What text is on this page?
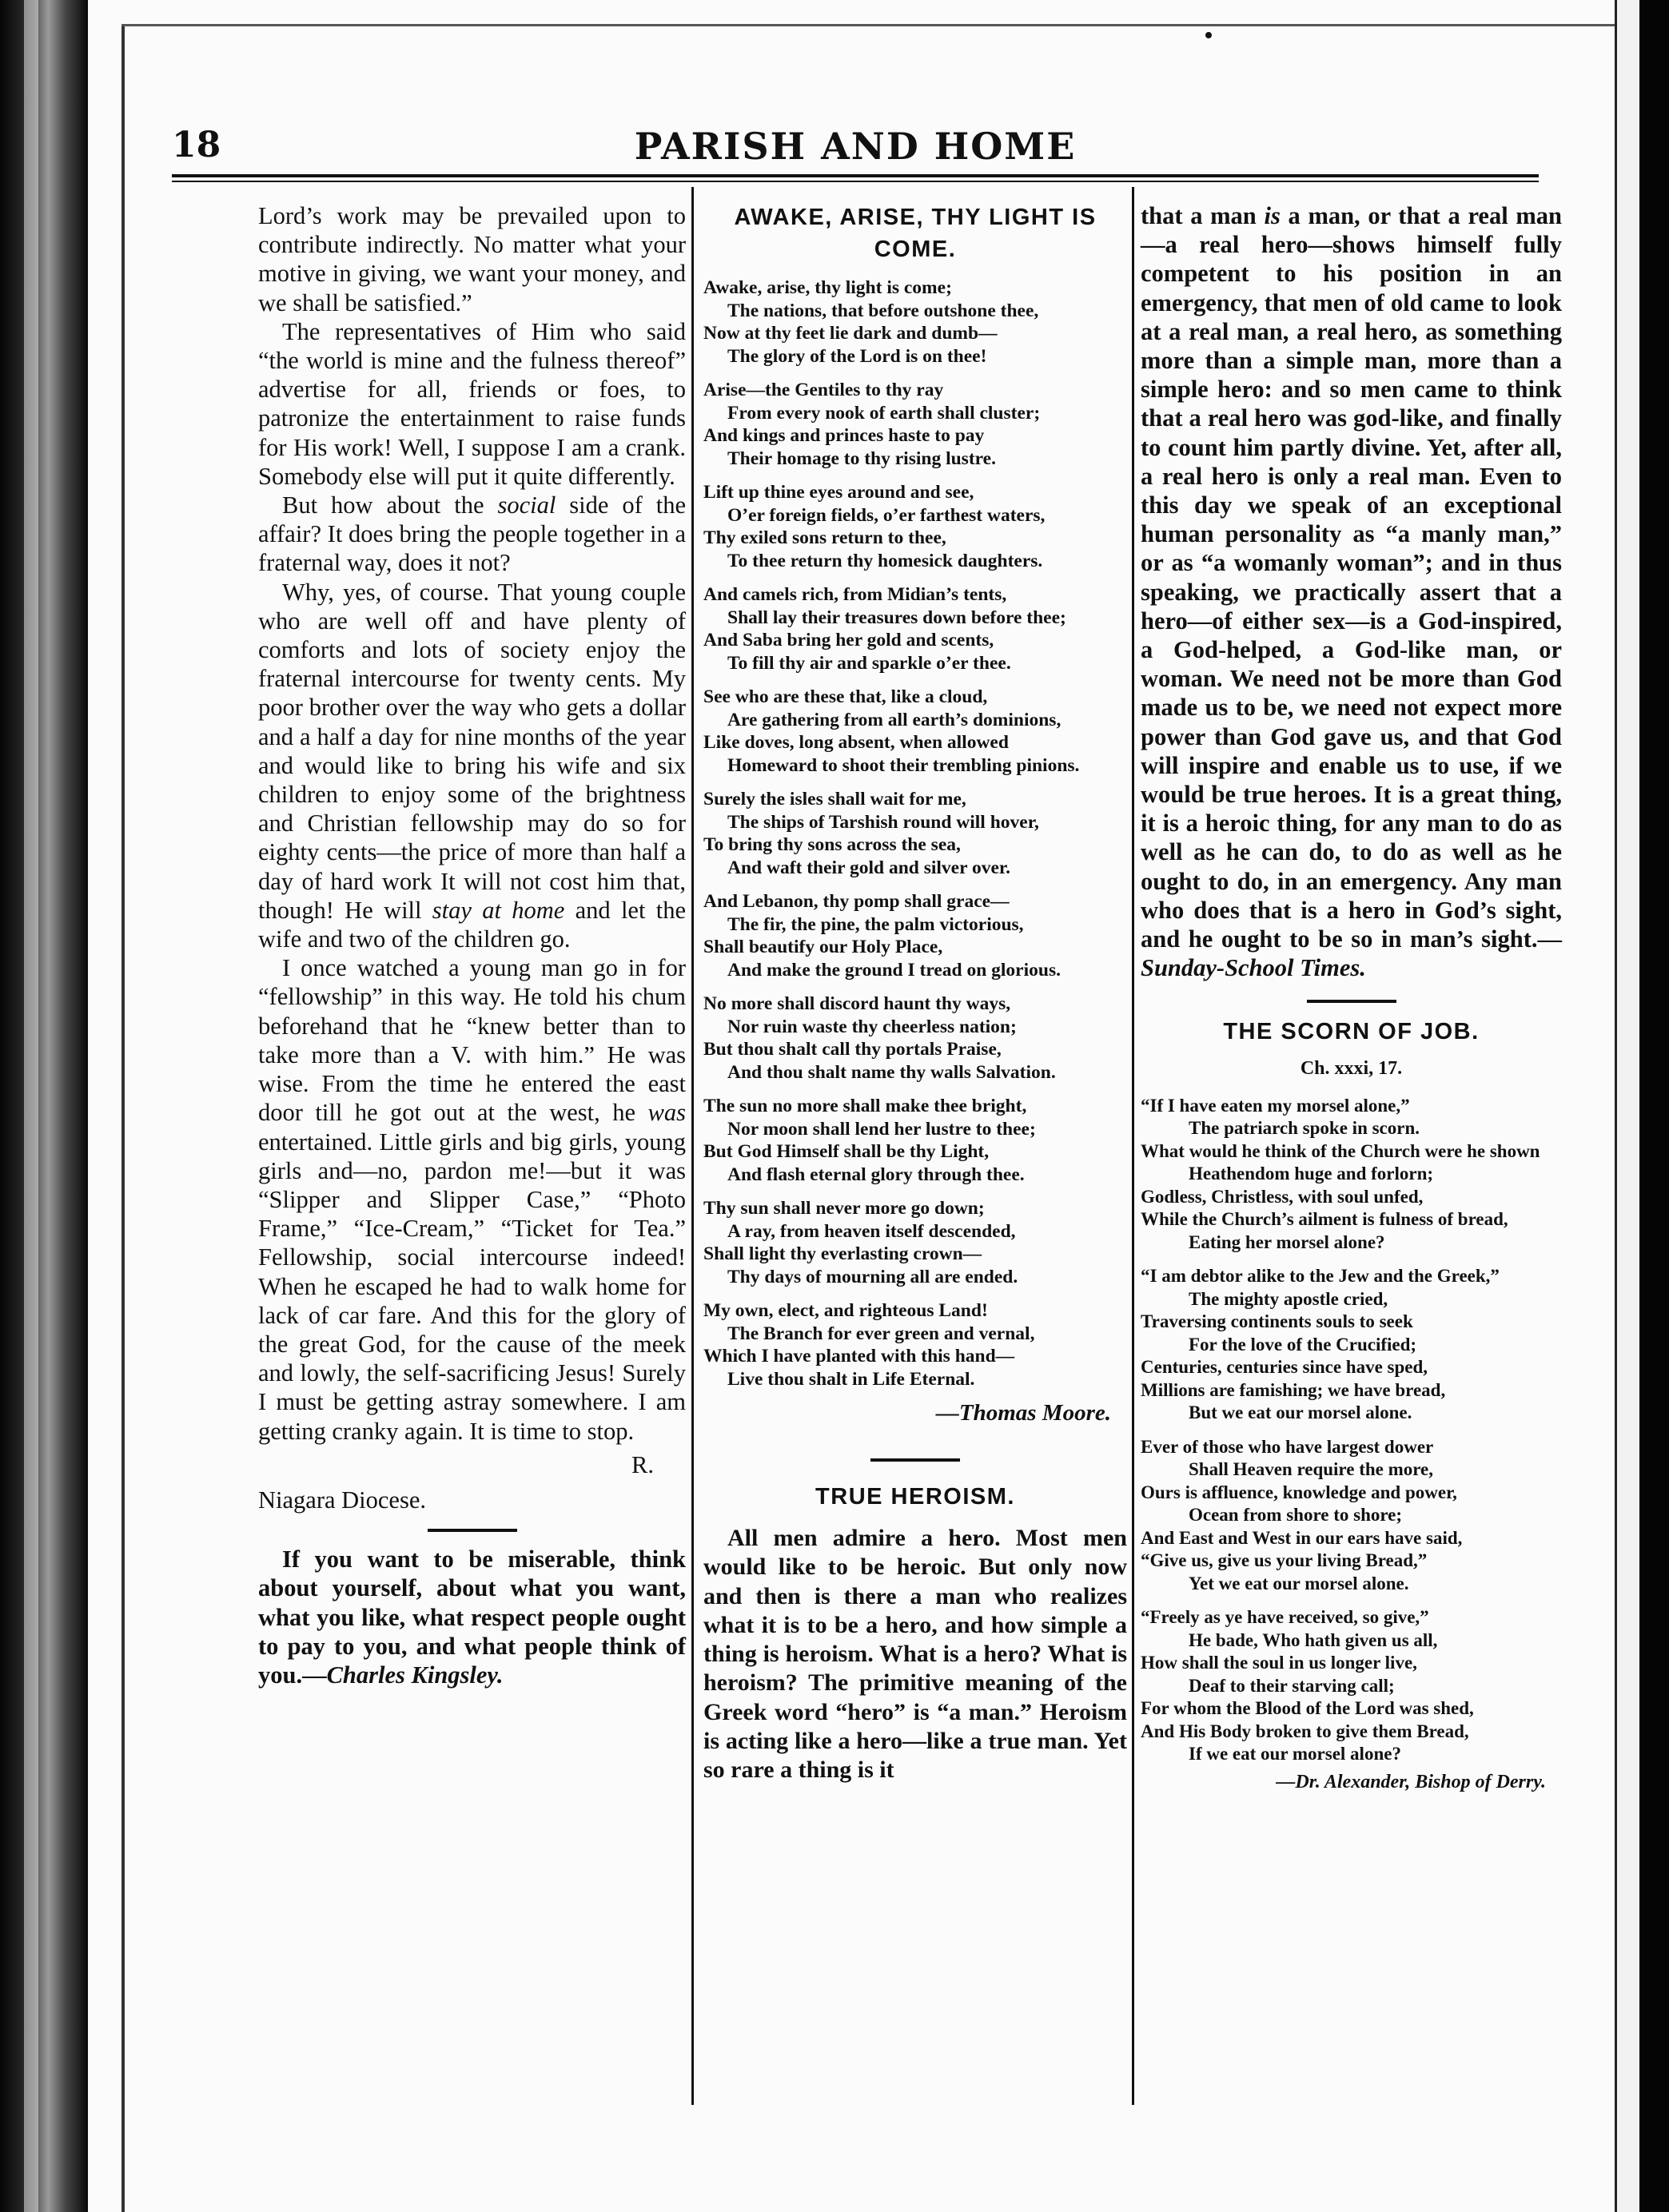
18	PARISH AND HOME

Lord’s work may be prevailed upon to contribute indirectly. No matter what your motive in giving, we want your money, and we shall be satisfied.”

The representatives of Him who said “the world is mine and the fulness thereof” advertise for all, friends or foes, to patronize the entertainment to raise funds for His work! Well, I suppose I am a crank. Somebody else will put it quite differently.

But how about the social side of the affair? It does bring the people together in a fraternal way, does it not?

Why, yes, of course. That young couple who are well off and have plenty of comforts and lots of society enjoy the fraternal intercourse for twenty cents. My poor brother over the way who gets a dollar and a half a day for nine months of the year and would like to bring his wife and six children to enjoy some of the brightness and Christian fellowship may do so for eighty cents—the price of more than half a day of hard work It will not cost him that, though! He will stay at home and let the wife and two of the children go.

I once watched a young man go in for “fellowship” in this way. He told his chum beforehand that he “knew better than to take more than a V. with him.” He was wise. From the time he entered the east door till he got out at the west, he was entertained. Little girls and big girls, young girls and—no, pardon me!—but it was “Slipper and Slipper Case,” “Photo Frame,” “Ice-Cream,” “Ticket for Tea.” Fellowship, social intercourse indeed! When he escaped he had to walk home for lack of car fare. And this for the glory of the great God, for the cause of the meek and lowly, the self-sacrificing Jesus! Surely I must be getting astray somewhere. I am getting cranky again. It is time to stop.

R.

Niagara Diocese.

If you want to be miserable, think about yourself, about what you want, what you like, what respect people ought to pay to you, and what people think of you.—Charles Kingsley.

AWAKE, ARISE, THY LIGHT IS COME.
Awake, arise, thy light is come;
The nations, that before outshone thee,
Now at thy feet lie dark and dumb—
The glory of the Lord is on thee!
Arise—the Gentiles to thy ray
From every nook of earth shall cluster;
And kings and princes haste to pay
Their homage to thy rising lustre.
Lift up thine eyes around and see,
O’er foreign fields, o’er farthest waters,
Thy exiled sons return to thee,
To thee return thy homesick daughters.
And camels rich, from Midian’s tents,
Shall lay their treasures down before thee;
And Saba bring her gold and scents,
To fill thy air and sparkle o’er thee.
See who are these that, like a cloud,
Are gathering from all earth’s dominions,
Like doves, long absent, when allowed
Homeward to shoot their trembling pinions.
Surely the isles shall wait for me,
The ships of Tarshish round will hover,
To bring thy sons across the sea,
And waft their gold and silver over.
And Lebanon, thy pomp shall grace—
The fir, the pine, the palm victorious,
Shall beautify our Holy Place,
And make the ground I tread on glorious.
No more shall discord haunt thy ways,
Nor ruin waste thy cheerless nation;
But thou shalt call thy portals Praise,
And thou shalt name thy walls Salvation.
The sun no more shall make thee bright,
Nor moon shall lend her lustre to thee;
But God Himself shall be thy Light,
And flash eternal glory through thee.
Thy sun shall never more go down;
A ray, from heaven itself descended,
Shall light thy everlasting crown—
Thy days of mourning all are ended.
My own, elect, and righteous Land!
The Branch for ever green and vernal,
Which I have planted with this hand—
Live thou shalt in Life Eternal.
—Thomas Moore.
TRUE HEROISM.

All men admire a hero. Most men would like to be heroic. But only now and then is there a man who realizes what it is to be a hero, and how simple a thing is heroism. What is a hero? What is heroism? The primitive meaning of the Greek word “hero” is “a man.” Heroism is acting like a hero—like a true man. Yet so rare a thing is it

that a man is a man, or that a real man—a real hero—shows himself fully competent to his position in an emergency, that men of old came to look at a real man, a real hero, as something more than a simple man, more than a simple hero: and so men came to think that a real hero was god-like, and finally to count him partly divine. Yet, after all, a real hero is only a real man. Even to this day we speak of an exceptional human personality as “a manly man,” or as “a womanly woman”; and in thus speaking, we practically assert that a hero—of either sex—is a God-inspired, a God-helped, a God-like man, or woman. We need not be more than God made us to be, we need not expect more power than God gave us, and that God will inspire and enable us to use, if we would be true heroes. It is a great thing, it is a heroic thing, for any man to do as well as he can do, to do as well as he ought to do, in an emergency. Any man who does that is a hero in God’s sight, and he ought to be so in man’s sight.—Sunday-School Times.

THE SCORN OF JOB.
Ch. xxxi, 17.
“If I have eaten my morsel alone,”
The patriarch spoke in scorn.
What would he think of the Church were he shown
Heathendom huge and forlorn;
Godless, Christless, with soul unfed,
While the Church’s ailment is fulness of bread,
Eating her morsel alone?
“I am debtor alike to the Jew and the Greek,”
The mighty apostle cried,
Traversing continents souls to seek
For the love of the Crucified;
Centuries, centuries since have sped,
Millions are famishing; we have bread,
But we eat our morsel alone.
Ever of those who have largest dower
Shall Heaven require the more,
Ours is affluence, knowledge and power,
Ocean from shore to shore;
And East and West in our ears have said,
“Give us, give us your living Bread,”
Yet we eat our morsel alone.
“Freely as ye have received, so give,”
He bade, Who hath given us all,
How shall the soul in us longer live,
Deaf to their starving call;
For whom the Blood of the Lord was shed,
And His Body broken to give them Bread,
If we eat our morsel alone?
—Dr. Alexander, Bishop of Derry.
